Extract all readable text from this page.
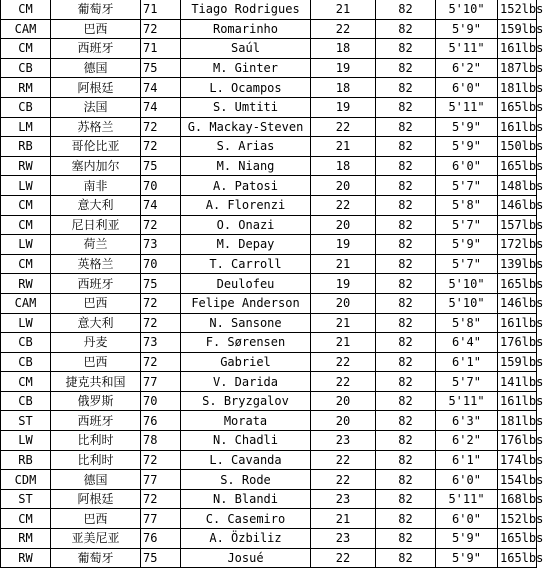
CM	葡萄牙	71	Tiago Rodrigues	21	82	5'10"	152lbs
CAM	巴西	72	Romarinho	22	82	5'9"	159lbs
CM	西班牙	71	Saúl	18	82	5'11"	161lbs
CB	德国	75	M. Ginter	19	82	6'2"	187lbs
RM	阿根廷	74	L. Ocampos	18	82	6'0"	181lbs
CB	法国	74	S. Umtiti	19	82	5'11"	165lbs
LM	苏格兰	72	G. Mackay-Steven	22	82	5'9"	161lbs
RB	哥伦比亚	72	S. Arias	21	82	5'9"	150lbs
RW	塞内加尔	75	M. Niang	18	82	6'0"	165lbs
LW	南非	70	A. Patosi	20	82	5'7"	148lbs
CM	意大利	74	A. Florenzi	22	82	5'8"	146lbs
CM	尼日利亚	72	O. Onazi	20	82	5'7"	157lbs
LW	荷兰	73	M. Depay	19	82	5'9"	172lbs
CM	英格兰	70	T. Carroll	21	82	5'7"	139lbs
RW	西班牙	75	Deulofeu	19	82	5'10"	165lbs
CAM	巴西	72	Felipe Anderson	20	82	5'10"	146lbs
LW	意大利	72	N. Sansone	21	82	5'8"	161lbs
CB	丹麦	73	F. Sørensen	21	82	6'4"	176lbs
CB	巴西	72	Gabriel	22	82	6'1"	159lbs
CM	捷克共和国	77	V. Darida	22	82	5'7"	141lbs
CB	俄罗斯	70	S. Bryzgalov	20	82	5'11"	161lbs
ST	西班牙	76	Morata	20	82	6'3"	181lbs
LW	比利时	78	N. Chadli	23	82	6'2"	176lbs
RB	比利时	72	L. Cavanda	22	82	6'1"	174lbs
CDM	德国	77	S. Rode	22	82	6'0"	154lbs
ST	阿根廷	72	N. Blandi	23	82	5'11"	168lbs
CM	巴西	77	C. Casemiro	21	82	6'0"	152lbs
RM	亚美尼亚	76	A. Özbiliz	23	82	5'9"	165lbs
RW	葡萄牙	75	Josué	22	82	5'9"	165lbs
